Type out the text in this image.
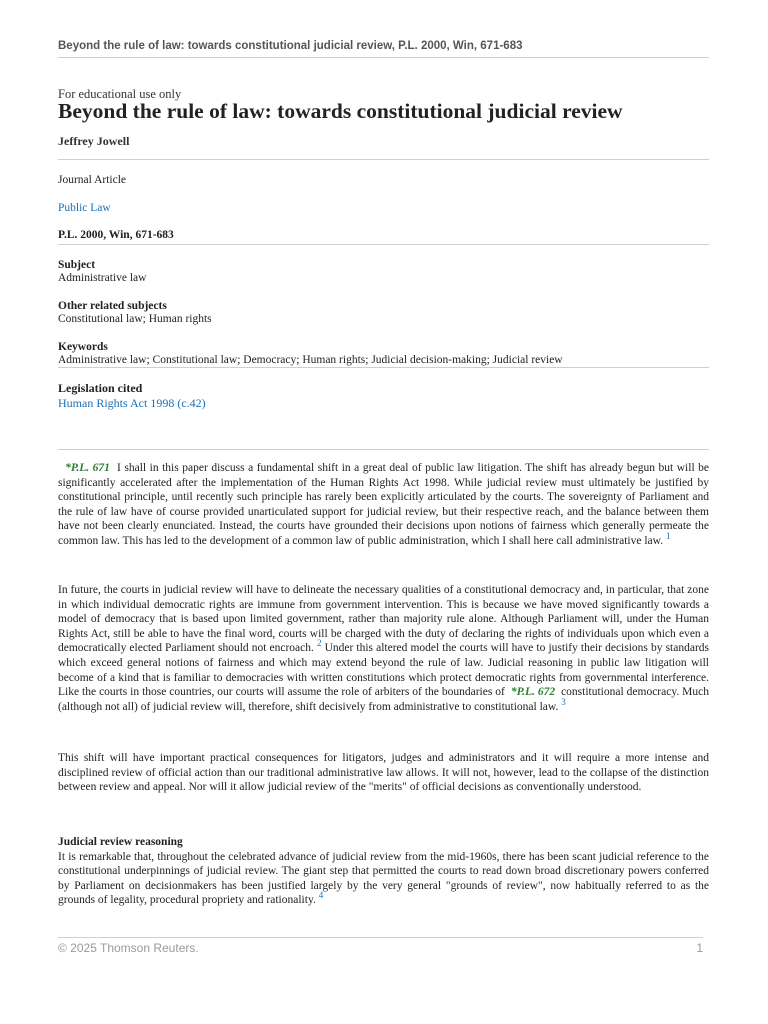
Beyond the rule of law: towards constitutional judicial review, P.L. 2000, Win, 671-683
For educational use only
Beyond the rule of law: towards constitutional judicial review
Jeffrey Jowell
Journal Article
Public Law
P.L. 2000, Win, 671-683
Subject
Administrative law
Other related subjects
Constitutional law; Human rights
Keywords
Administrative law; Constitutional law; Democracy; Human rights; Judicial decision-making; Judicial review
Legislation cited
Human Rights Act 1998 (c.42)

*P.L. 671 I shall in this paper discuss a fundamental shift in a great deal of public law litigation. The shift has already begun but will be significantly accelerated after the implementation of the Human Rights Act 1998. While judicial review must ultimately be justified by constitutional principle, until recently such principle has rarely been explicitly articulated by the courts. The sovereignty of Parliament and the rule of law have of course provided unarticulated support for judicial review, but their respective reach, and the balance between them have not been clearly enunciated. Instead, the courts have grounded their decisions upon notions of fairness which generally permeate the common law. This has led to the development of a common law of public administration, which I shall here call administrative law. $^1$

In future, the courts in judicial review will have to delineate the necessary qualities of a constitutional democracy and, in particular, that zone in which individual democratic rights are immune from government intervention. This is because we have moved significantly towards a model of democracy that is based upon limited government, rather than majority rule alone. Although Parliament will, under the Human Rights Act, still be able to have the final word, courts will be charged with the duty of declaring the rights of individuals upon which even a democratically elected Parliament should not encroach. $^2$ Under this altered model the courts will have to justify their decisions by standards which exceed general notions of fairness and which may extend beyond the rule of law. Judicial reasoning in public law litigation will become of a kind that is familiar to democracies with written constitutions which protect democratic rights from governmental interference. Like the courts in those countries, our courts will assume the role of arbiters of the boundaries of *P.L. 672 constitutional democracy. Much (although not all) of judicial review will, therefore, shift decisively from administrative to constitutional law. $^3$

This shift will have important practical consequences for litigators, judges and administrators and it will require a more intense and disciplined review of official action than our traditional administrative law allows. It will not, however, lead to the collapse of the distinction between review and appeal. Nor will it allow judicial review of the "merits" of official decisions as conventionally understood.

Judicial review reasoning

It is remarkable that, throughout the celebrated advance of judicial review from the mid-1960s, there has been scant judicial reference to the constitutional underpinnings of judicial review. The giant step that permitted the courts to read down broad discretionary powers conferred by Parliament on decisionmakers has been justified largely by the very general "grounds of review", now habitually referred to as the grounds of legality, procedural propriety and rationality. $^4$

© 2025 Thomson Reuters.	1
